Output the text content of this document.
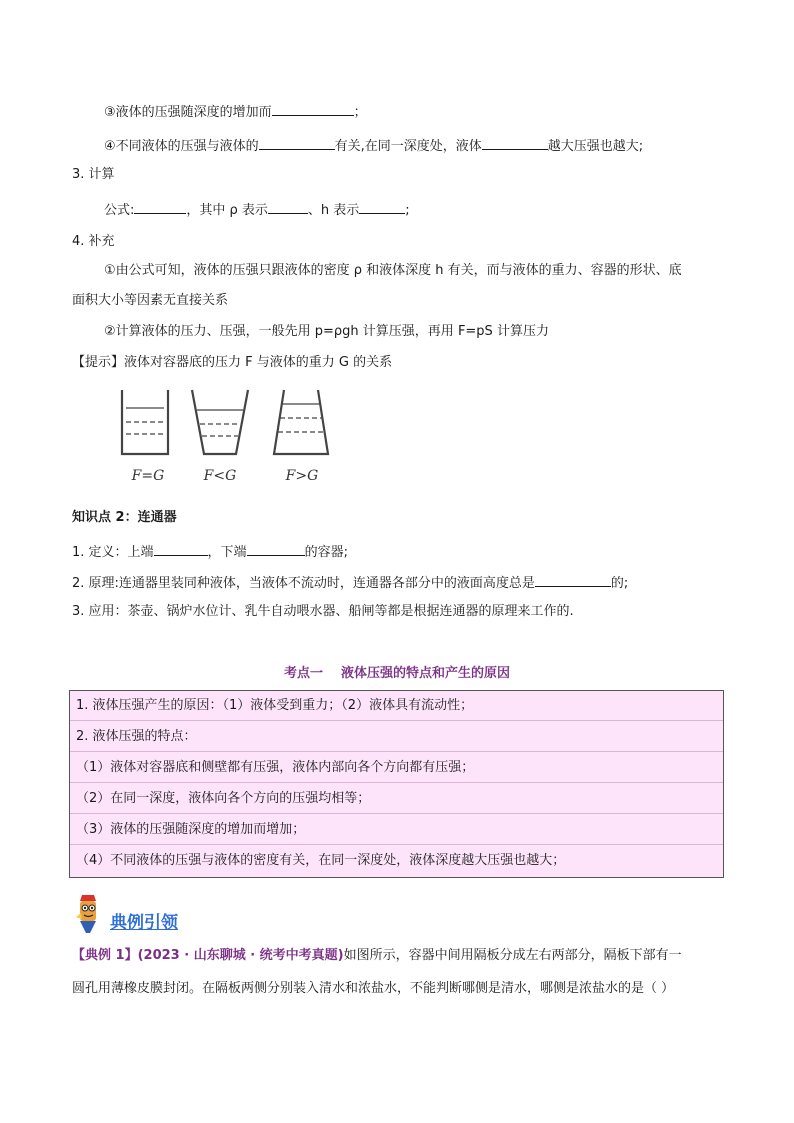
③液体的压强随深度的增加而	；
④不同液体的压强与液体的	有关,在同一深度处，液体	越大压强也越大;
3. 计算
公式:	，其中 ρ 表示	、h 表示	;
4. 补充
①由公式可知，液体的压强只跟液体的密度 ρ 和液体深度 h 有关，而与液体的重力、容器的形状、底
面积大小等因素无直接关系
②计算液体的压力、压强，一般先用 p=ρgh 计算压强，再用 F=pS 计算压力
【提示】液体对容器底的压力 F 与液体的重力 G 的关系
F=G	F<G	F>G
知识点 2：连通器
1. 定义：上端	，下端	的容器;
2. 原理:连通器里装同种液体，当液体不流动时，连通器各部分中的液面高度总是	的;
3. 应用：茶壶、锅炉水位计、乳牛自动喂水器、船闸等都是根据连通器的原理来工作的.
考点一    液体压强的特点和产生的原因
1. 液体压强产生的原因：（1）液体受到重力；（2）液体具有流动性；
2. 液体压强的特点：
（1）液体对容器底和侧壁都有压强，液体内部向各个方向都有压强；
（2）在同一深度，液体向各个方向的压强均相等；
（3）液体的压强随深度的增加而增加；
（4）不同液体的压强与液体的密度有关，在同一深度处，液体深度越大压强也越大；
典例引领
【典例 1】(2023 · 山东聊城 · 统考中考真题)如图所示，容器中间用隔板分成左右两部分，隔板下部有一
圆孔用薄橡皮膜封闭。在隔板两侧分别装入清水和浓盐水，不能判断哪侧是清水，哪侧是浓盐水的是（ ）
